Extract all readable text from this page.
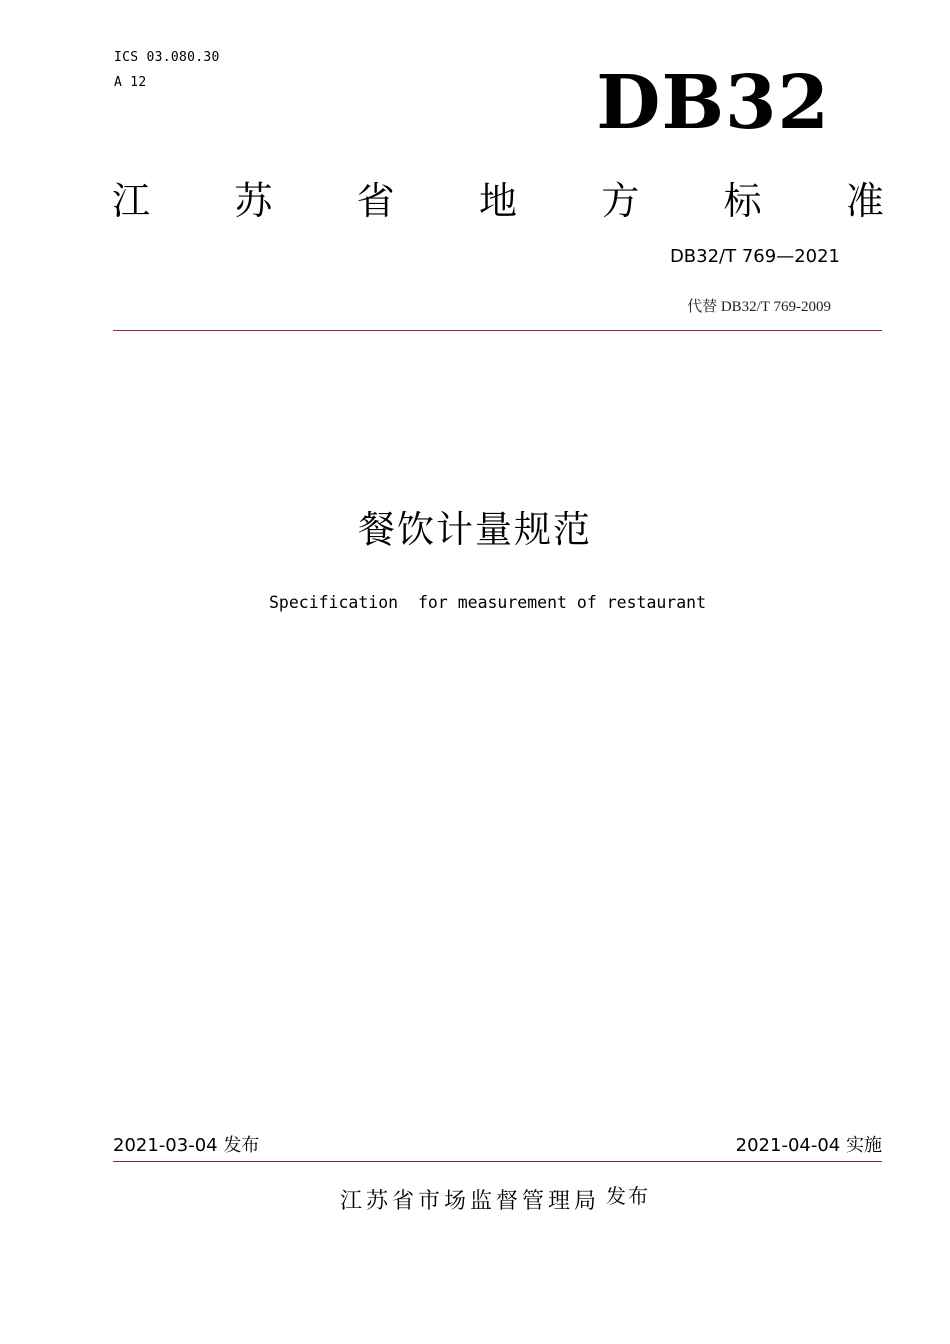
ICS 03.080.30
A 12	DB32
江 苏 省 地 方 标 准
DB32/T 769—2021
代替 DB32/T 769-2009
餐饮计量规范
Specification  for measurement of restaurant
2021-03-04 发布	2021-04-04 实施
江苏省市场监督管理局 发布
